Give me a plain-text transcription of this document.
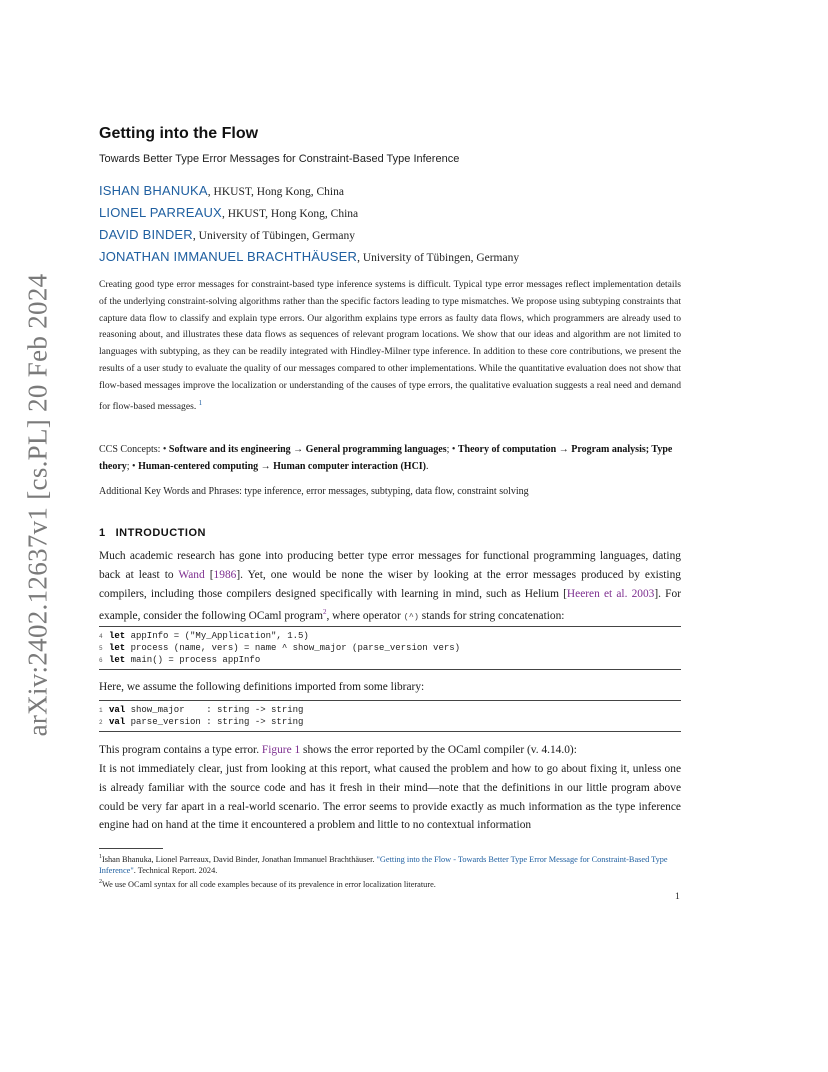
arXiv:2402.12637v1 [cs.PL] 20 Feb 2024
Getting into the Flow
Towards Better Type Error Messages for Constraint-Based Type Inference
ISHAN BHANUKA, HKUST, Hong Kong, China
LIONEL PARREAUX, HKUST, Hong Kong, China
DAVID BINDER, University of Tübingen, Germany
JONATHAN IMMANUEL BRACHTHÄUSER, University of Tübingen, Germany
Creating good type error messages for constraint-based type inference systems is difficult. Typical type error messages reflect implementation details of the underlying constraint-solving algorithms rather than the specific factors leading to type mismatches. We propose using subtyping constraints that capture data flow to classify and explain type errors. Our algorithm explains type errors as faulty data flows, which programmers are already used to reasoning about, and illustrates these data flows as sequences of relevant program locations. We show that our ideas and algorithm are not limited to languages with subtyping, as they can be readily integrated with Hindley-Milner type inference. In addition to these core contributions, we present the results of a user study to evaluate the quality of our messages compared to other implementations. While the quantitative evaluation does not show that flow-based messages improve the localization or understanding of the causes of type errors, the qualitative evaluation suggests a real need and demand for flow-based messages. $^1$
CCS Concepts: • Software and its engineering → General programming languages; • Theory of computation → Program analysis; Type theory; • Human-centered computing → Human computer interaction (HCI).
Additional Key Words and Phrases: type inference, error messages, subtyping, data flow, constraint solving
1 INTRODUCTION
Much academic research has gone into producing better type error messages for functional programming languages, dating back at least to Wand [1986]. Yet, one would be none the wiser by looking at the error messages produced by existing compilers, including those compilers designed specifically with learning in mind, such as Helium [Heeren et al. 2003]. For example, consider the following OCaml program$^2$, where operator (^) stands for string concatenation:
4 let appInfo = ("My_Application", 1.5)
5 let process (name, vers) = name ^ show_major (parse_version vers)
6 let main() = process appInfo
Here, we assume the following definitions imported from some library:
1 val show_major    : string -> string
2 val parse_version : string -> string
This program contains a type error. Figure 1 shows the error reported by the OCaml compiler (v. 4.14.0):
It is not immediately clear, just from looking at this report, what caused the problem and how to go about fixing it, unless one is already familiar with the source code and has it fresh in their mind—note that the definitions in our little program above could be very far apart in a real-world scenario. The error seems to provide exactly as much information as the type inference engine had on hand at the time it encountered a problem and little to no contextual information
$^1$Ishan Bhanuka, Lionel Parreaux, David Binder, Jonathan Immanuel Brachthäuser. "Getting into the Flow - Towards Better Type Error Message for Constraint-Based Type Inference". Technical Report. 2024.
$^2$We use OCaml syntax for all code examples because of its prevalence in error localization literature.
1
